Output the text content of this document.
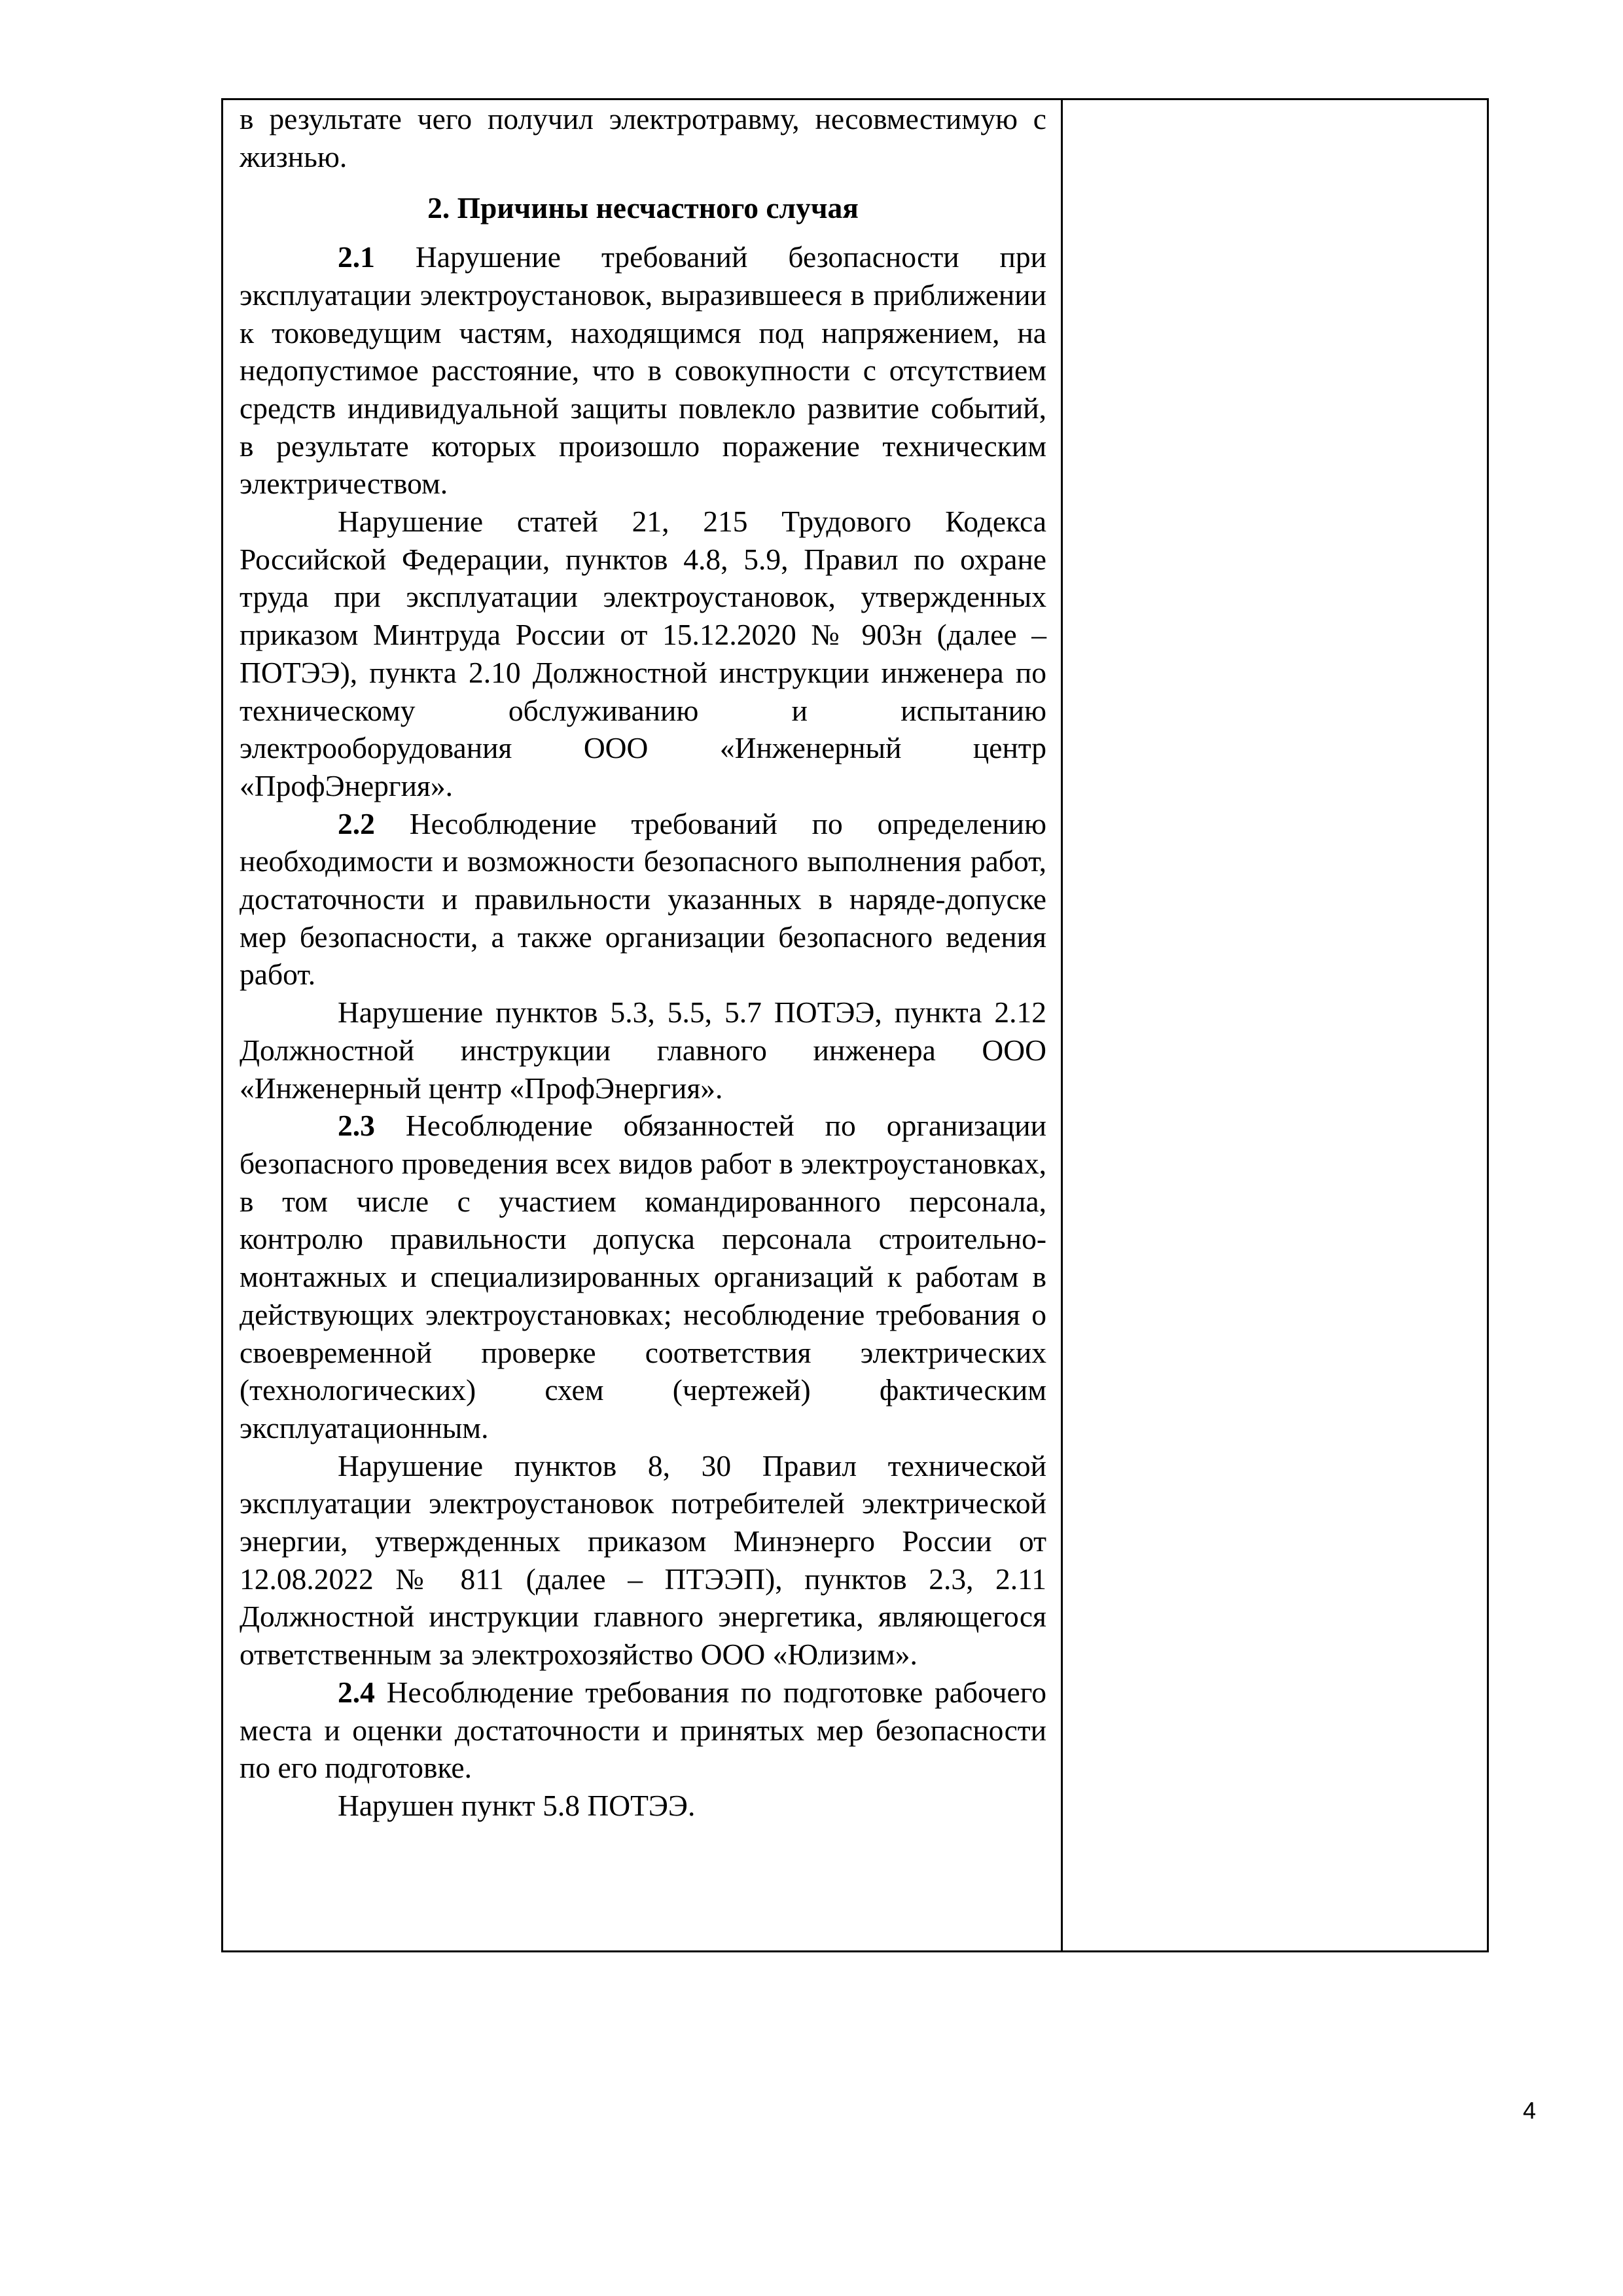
в результате чего получил электротравму, несовместимую с жизнью.

2. Причины несчастного случая

2.1 Нарушение требований безопасности при эксплуатации электроустановок, выразившееся в приближении к токоведущим частям, находящимся под напряжением, на недопустимое расстояние, что в совокупности с отсутствием средств индивидуальной защиты повлекло развитие событий, в результате которых произошло поражение техническим электричеством.

Нарушение статей 21, 215 Трудового Кодекса Российской Федерации, пунктов 4.8, 5.9, Правил по охране труда при эксплуатации электроустановок, утвержденных приказом Минтруда России от 15.12.2020 № 903н (далее – ПОТЭЭ), пункта 2.10 Должностной инструкции инженера по техническому обслуживанию и испытанию электрооборудования ООО «Инженерный центр «ПрофЭнергия».

2.2 Несоблюдение требований по определению необходимости и возможности безопасного выполнения работ, достаточности и правильности указанных в наряде-допуске мер безопасности, а также организации безопасного ведения работ.

Нарушение пунктов 5.3, 5.5, 5.7 ПОТЭЭ, пункта 2.12 Должностной инструкции главного инженера ООО «Инженерный центр «ПрофЭнергия».

2.3 Несоблюдение обязанностей по организации безопасного проведения всех видов работ в электроустановках, в том числе с участием командированного персонала, контролю правильности допуска персонала строительно-монтажных и специализированных организаций к работам в действующих электроустановках; несоблюдение требования о своевременной проверке соответствия электрических (технологических) схем (чертежей) фактическим эксплуатационным.

Нарушение пунктов 8, 30 Правил технической эксплуатации электроустановок потребителей электрической энергии, утвержденных приказом Минэнерго России от 12.08.2022 № 811 (далее – ПТЭЭП), пунктов 2.3, 2.11 Должностной инструкции главного энергетика, являющегося ответственным за электрохозяйство ООО «Юлизим».

2.4 Несоблюдение требования по подготовке рабочего места и оценки достаточности и принятых мер безопасности по его подготовке.

Нарушен пункт 5.8 ПОТЭЭ.

4
